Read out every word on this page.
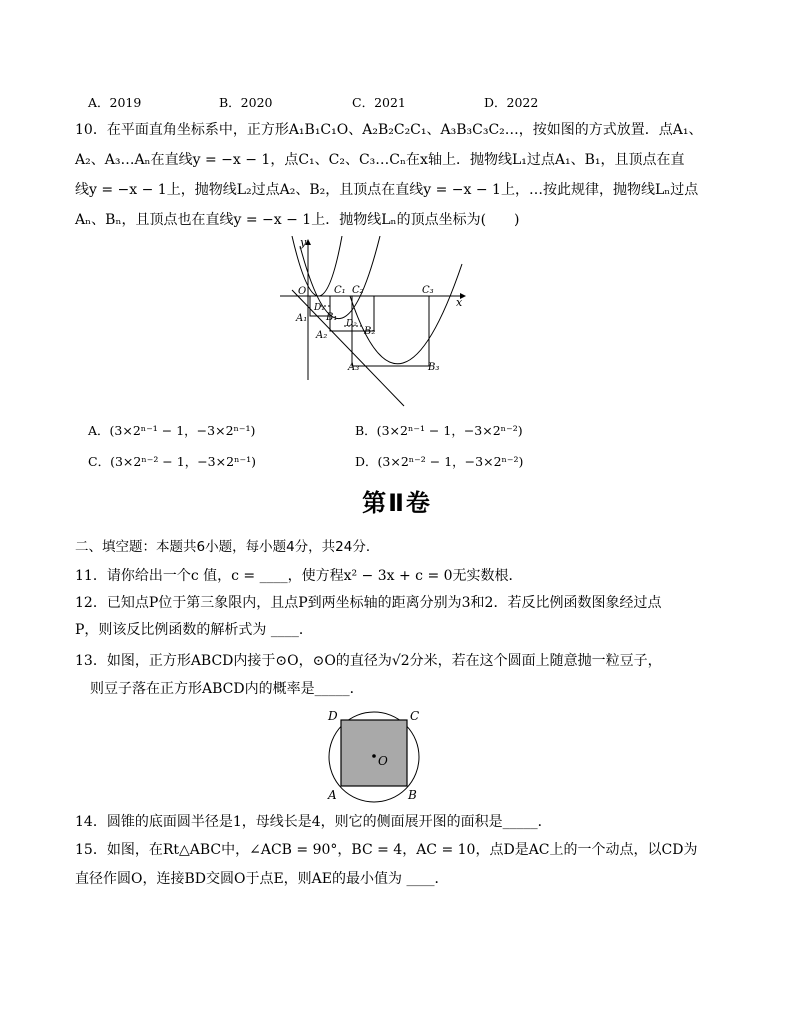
A．2019	B．2020	C．2021	D．2022
10．在平面直角坐标系中，正方形A₁B₁C₁O、A₂B₂C₂C₁、A₃B₃C₃C₂…，按如图的方式放置．点A₁、
A₂、A₃…Aₙ在直线y = −x − 1，点C₁、C₂、C₃…Cₙ在x轴上．抛物线L₁过点A₁、B₁，且顶点在直
线y = −x − 1上，抛物线L₂过点A₂、B₂，且顶点在直线y = −x − 1上，…按此规律，抛物线Lₙ过点
Aₙ、Bₙ，且顶点也在直线y = −x − 1上．抛物线Lₙ的顶点坐标为(　　)
y
x
O	C₁ C₂	C₃
D₁
D₂
A₁ B₁
A₂	B₂
A₃	B₃
A．(3×2ⁿ⁻¹ − 1，−3×2ⁿ⁻¹)	B．(3×2ⁿ⁻¹ − 1，−3×2ⁿ⁻²)
C．(3×2ⁿ⁻² − 1，−3×2ⁿ⁻¹)	D．(3×2ⁿ⁻² − 1，−3×2ⁿ⁻²)
第Ⅱ卷
二、填空题：本题共6小题，每小题4分，共24分．
11．请你给出一个c 值，c = ____，使方程x² − 3x + c = 0无实数根．
12．已知点P位于第三象限内，且点P到两坐标轴的距离分别为3和2．若反比例函数图象经过点
P，则该反比例函数的解析式为 ____．
13．如图，正方形ABCD内接于⊙O，⊙O的直径为√2分米，若在这个圆面上随意抛一粒豆子，
则豆子落在正方形ABCD内的概率是_____．
O
D	C
A	B
14．圆锥的底面圆半径是1，母线长是4，则它的侧面展开图的面积是_____．
15．如图，在Rt△ABC中，∠ACB = 90°，BC = 4，AC = 10，点D是AC上的一个动点，以CD为
直径作圆O，连接BD交圆O于点E，则AE的最小值为 ____．
